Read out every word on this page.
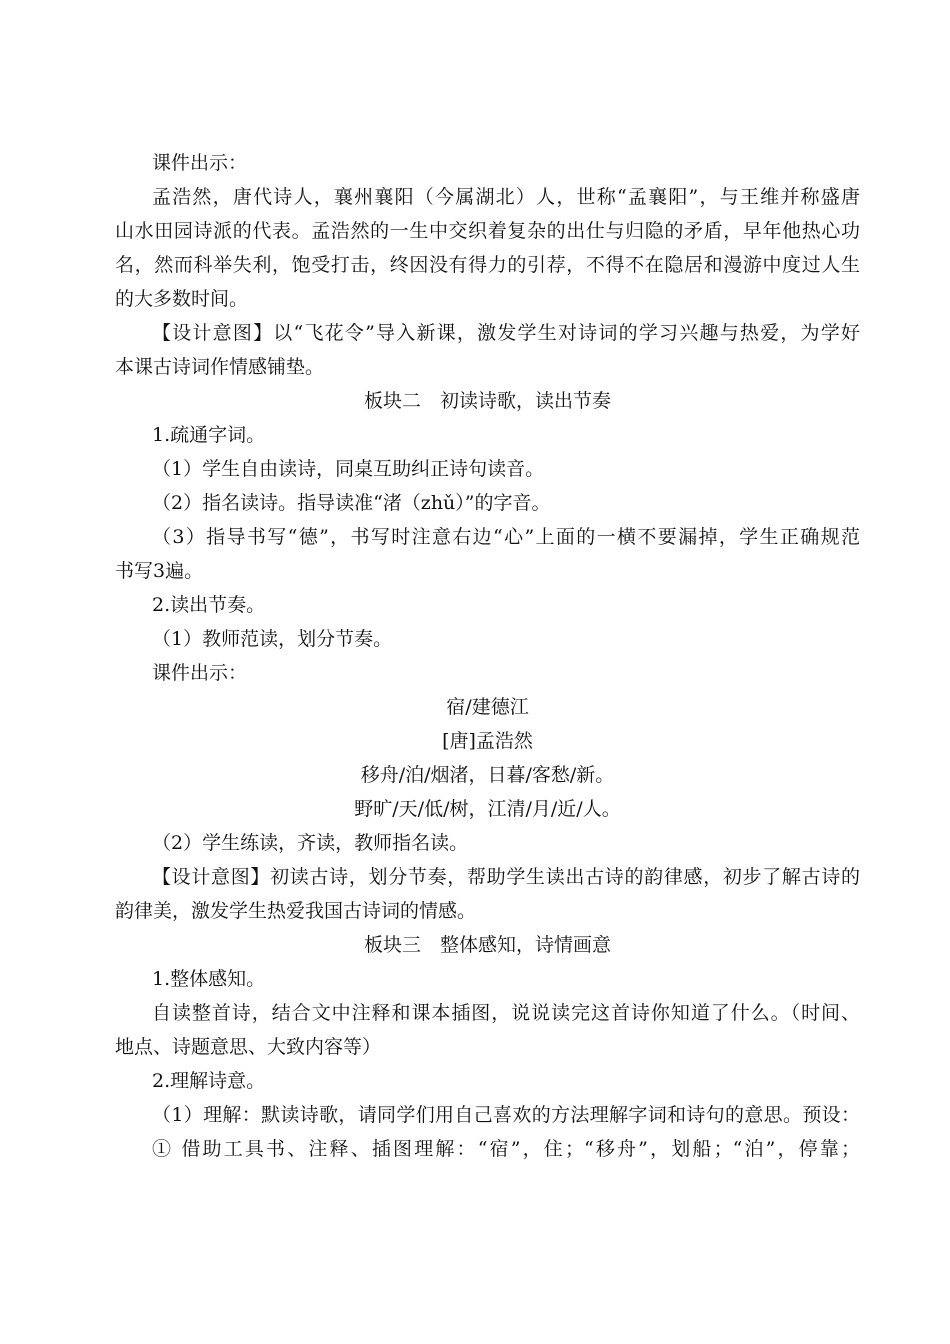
课件出示：
孟浩然，唐代诗人，襄州襄阳（今属湖北）人，世称“孟襄阳”，与王维并称盛唐
山水田园诗派的代表。孟浩然的一生中交织着复杂的出仕与归隐的矛盾，早年他热心功
名，然而科举失利，饱受打击，终因没有得力的引荐，不得不在隐居和漫游中度过人生
的大多数时间。
【设计意图】以“飞花令”导入新课，激发学生对诗词的学习兴趣与热爱，为学好
本课古诗词作情感铺垫。
板块二　初读诗歌，读出节奏
1.疏通字词。
（1）学生自由读诗，同桌互助纠正诗句读音。
（2）指名读诗。指导读准“渚（zhǔ）”的字音。
（3）指导书写“德”，书写时注意右边“心”上面的一横不要漏掉，学生正确规范
书写3遍。
2.读出节奏。
（1）教师范读，划分节奏。
课件出示：
宿/建德江
[唐]孟浩然
移舟/泊/烟渚，日暮/客愁/新。
野旷/天/低/树，江清/月/近/人。
（2）学生练读，齐读，教师指名读。
【设计意图】初读古诗，划分节奏，帮助学生读出古诗的韵律感，初步了解古诗的
韵律美，激发学生热爱我国古诗词的情感。
板块三　整体感知，诗情画意
1.整体感知。
自读整首诗，结合文中注释和课本插图，说说读完这首诗你知道了什么。（时间、
地点、诗题意思、大致内容等）
2.理解诗意。
（1）理解：默读诗歌，请同学们用自己喜欢的方法理解字词和诗句的意思。预设：
① 借助工具书、注释、插图理解：“宿”，住；“移舟”，划船；“泊”，停靠；
